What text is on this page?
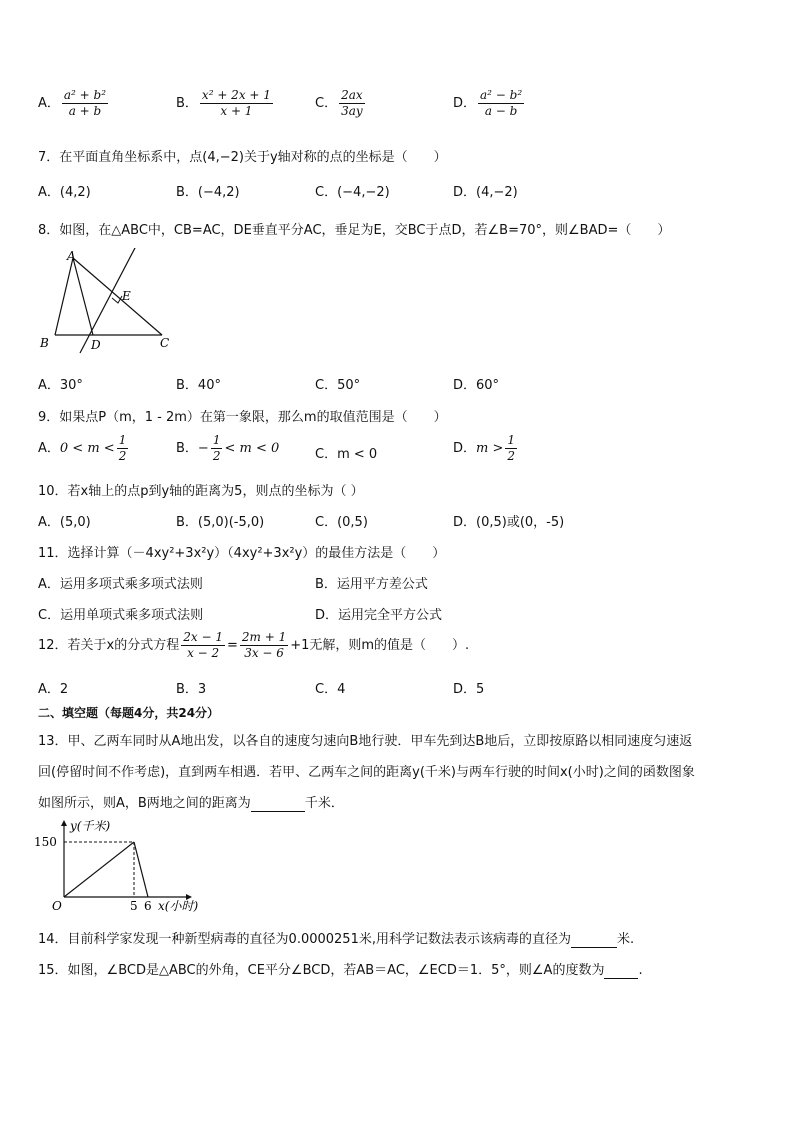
A． $\frac{\text{a² + b²}}{a + b}$	B． $\frac{\text{x² + 2x + 1}}{x + 1}$	C． $\frac{2ax}{3ay}$	D． $\frac{\text{a² − b²}}{a - b}$
7．在平面直角坐标系中，点(4,−2)关于y轴对称的点的坐标是（　　）
A．(4,2)	B．(−4,2)	C．(−4,−2)	D．(4,−2)
8．如图，在△ABC中，CB=AC，DE垂直平分AC，垂足为E，交BC于点D，若∠B=70°，则∠BAD=（　　）
A
B	C
D
E
A．30°	B．40°	C．50°	D．60°
9．如果点P（m，1 - 2m）在第一象限，那么m的取值范围是（　　）
A．$0 < m < \frac{1}{2}$	B．− $\frac{1}{2} < m < 0$	C．m < 0	D．$m > \frac{1}{2}$
10．若x轴上的点p到y轴的距离为5，则点的坐标为（ ）
A．(5,0)	B．(5,0)(-5,0)	C．(0,5)	D．(0,5)或(0，-5)
11．选择计算（－4xy²+3x²y）（4xy²+3x²y）的最佳方法是（　　）
A．运用多项式乘多项式法则	B．运用平方差公式
C．运用单项式乘多项式法则	D．运用完全平方公式
12．若关于x的分式方程 $\frac{2x - 1}{x - 2} = \frac{2m + 1}{3x - 6} +1$无解，则m的值是（　　）.
A．2	B．3	C．4	D．5
二、填空题（每题4分，共24分）
13．甲、乙两车同时从A地出发，以各自的速度匀速向B地行驶．甲车先到达B地后，立即按原路以相同速度匀速返
回(停留时间不作考虑)，直到两车相遇．若甲、乙两车之间的距离y(千米)与两车行驶的时间x(小时)之间的函数图象
如图所示，则A，B两地之间的距离为	千米．
150
y(千米)
O	5 6 x(小时)
14．目前科学家发现一种新型病毒的直径为0.0000251米,用科学记数法表示该病毒的直径为	米.
15．如图，∠BCD是△ABC的外角，CE平分∠BCD，若AB＝AC，∠ECD＝1．5°，则∠A的度数为	.
